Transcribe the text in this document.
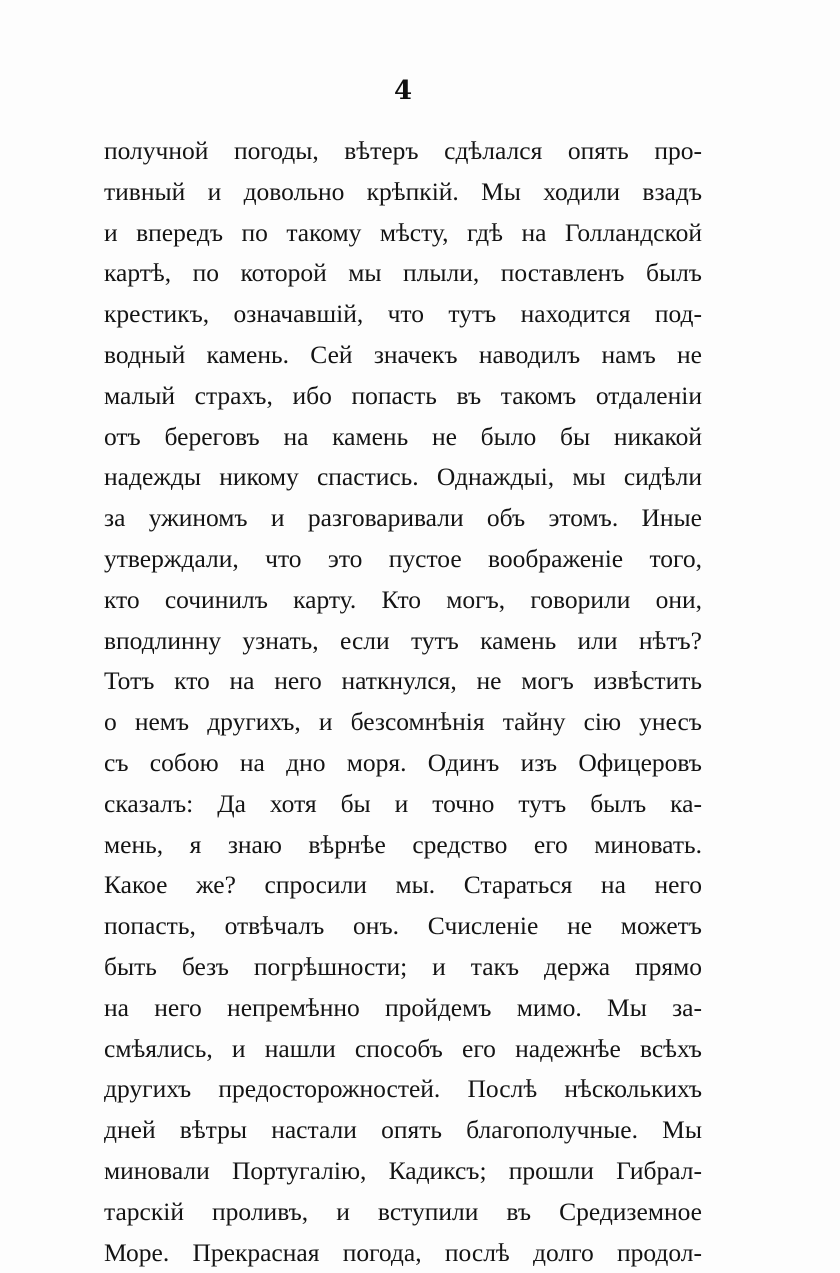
4
получной погоды, вѣтеръ сдѣлался опять про-
тивный и довольно крѣпкій. Мы ходили взадъ
и впередъ по такому мѣсту, гдѣ на Голландской
картѣ, по которой мы плыли, поставленъ былъ
крестикъ, означавшій, что тутъ находится под-
водный камень. Сей значекъ наводилъ намъ не
малый страхъ, ибо попасть въ такомъ отдаленіи
отъ береговъ на камень не было бы никакой
надежды никому спастись. Однаждыі, мы сидѣли
за ужиномъ и разговаривали объ этомъ. Иные
утверждали, что это пустое воображеніе того,
кто сочинилъ карту. Кто могъ, говорили они,
вподлинну узнать, если тутъ камень или нѣтъ?
Тотъ кто на него наткнулся, не могъ извѣстить
о немъ другихъ, и безсомнѣнія тайну сію унесъ
съ собою на дно моря. Одинъ изъ Офицеровъ
сказалъ: Да хотя бы и точно тутъ былъ ка-
мень, я знаю вѣрнѣе средство его миновать.
Какое же? спросили мы. Стараться на него
попасть, отвѣчалъ онъ. Счисленіе не можетъ
быть безъ погрѣшности; и такъ держа прямо
на него непремѣнно пройдемъ мимо. Мы за-
смѣялись, и нашли способъ его надежнѣе всѣхъ
другихъ предосторожностей. Послѣ нѣсколькихъ
дней вѣтры настали опять благополучные. Мы
миновали Португалію, Кадиксъ; прошли Гибрал-
тарскій проливъ, и вступили въ Средиземное
Море. Прекрасная погода, послѣ долго продол-
